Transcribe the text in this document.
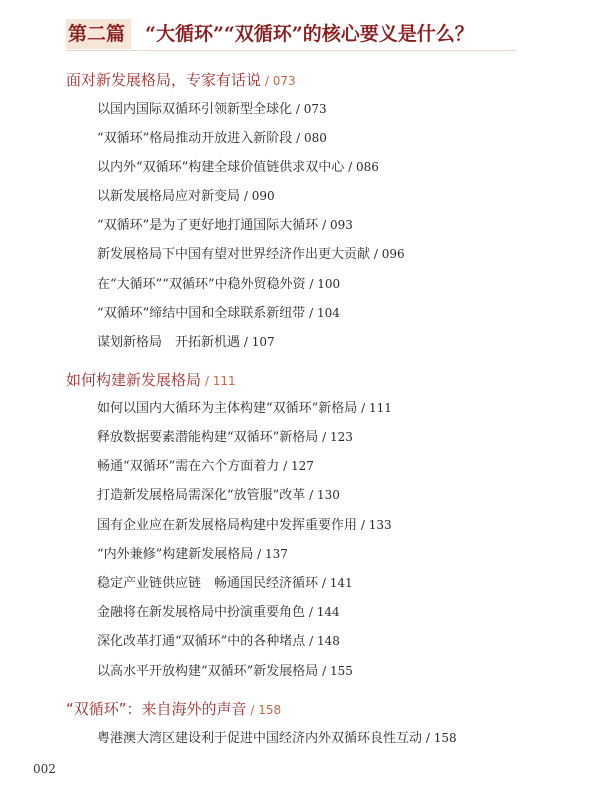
第二篇	“大循环”“双循环”的核心要义是什么？
面对新发展格局，专家有话说 / 073
以国内国际双循环引领新型全球化 / 073
“双循环”格局推动开放进入新阶段 / 080
以内外“双循环”构建全球价值链供求双中心 / 086
以新发展格局应对新变局 / 090
“双循环”是为了更好地打通国际大循环 / 093
新发展格局下中国有望对世界经济作出更大贡献 / 096
在“大循环”“双循环”中稳外贸稳外资 / 100
“双循环”缔结中国和全球联系新纽带 / 104
谋划新格局　开拓新机遇 / 107
如何构建新发展格局 / 111
如何以国内大循环为主体构建“双循环”新格局 / 111
释放数据要素潜能构建“双循环”新格局 / 123
畅通“双循环”需在六个方面着力 / 127
打造新发展格局需深化“放管服”改革 / 130
国有企业应在新发展格局构建中发挥重要作用 / 133
“内外兼修”构建新发展格局 / 137
稳定产业链供应链　畅通国民经济循环 / 141
金融将在新发展格局中扮演重要角色 / 144
深化改革打通“双循环”中的各种堵点 / 148
以高水平开放构建“双循环”新发展格局 / 155
“双循环”：来自海外的声音 / 158
粤港澳大湾区建设利于促进中国经济内外双循环良性互动 / 158
002
